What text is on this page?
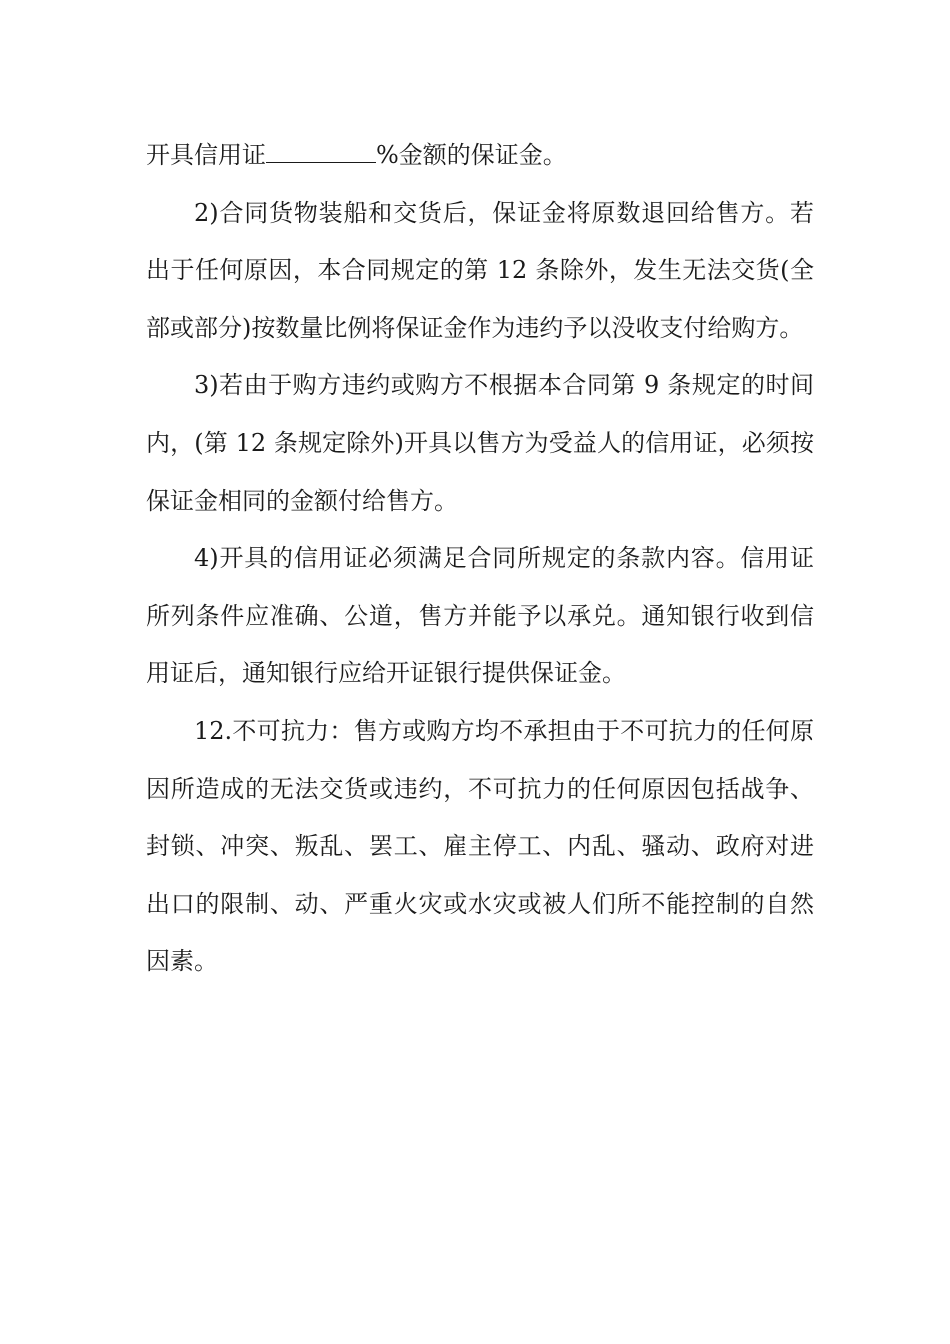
开具信用证	%金额的保证金。
2)合同货物装船和交货后，保证金将原数退回给售方。若
出于任何原因，本合同规定的第 12 条除外，发生无法交货(全
部或部分)按数量比例将保证金作为违约予以没收支付给购方。
3)若由于购方违约或购方不根据本合同第 9 条规定的时间
内，(第 12 条规定除外)开具以售方为受益人的信用证，必须按
保证金相同的金额付给售方。
4)开具的信用证必须满足合同所规定的条款内容。信用证
所列条件应准确、公道，售方并能予以承兑。通知银行收到信
用证后，通知银行应给开证银行提供保证金。
12.不可抗力：售方或购方均不承担由于不可抗力的任何原
因所造成的无法交货或违约，不可抗力的任何原因包括战争、
封锁、冲突、叛乱、罢工、雇主停工、内乱、骚动、政府对进
出口的限制、动、严重火灾或水灾或被人们所不能控制的自然
因素。
